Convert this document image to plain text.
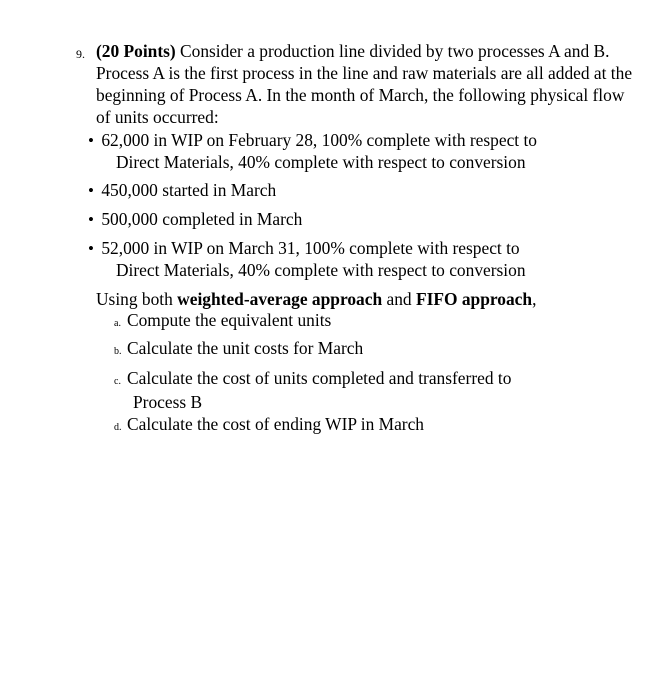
9. (20 Points) Consider a production line divided by two processes A and B. Process A is the first process in the line and raw materials are all added at the beginning of Process A. In the month of March, the following physical flow of units occurred:
• 62,000 in WIP on February 28, 100% complete with respect to
Direct Materials, 40% complete with respect to conversion
• 450,000 started in March
• 500,000 completed in March
• 52,000 in WIP on March 31, 100% complete with respect to
Direct Materials, 40% complete with respect to conversion
Using both weighted-average approach and FIFO approach,
a. Compute the equivalent units
b. Calculate the unit costs for March
c. Calculate the cost of units completed and transferred to
Process B
d. Calculate the cost of ending WIP in March
